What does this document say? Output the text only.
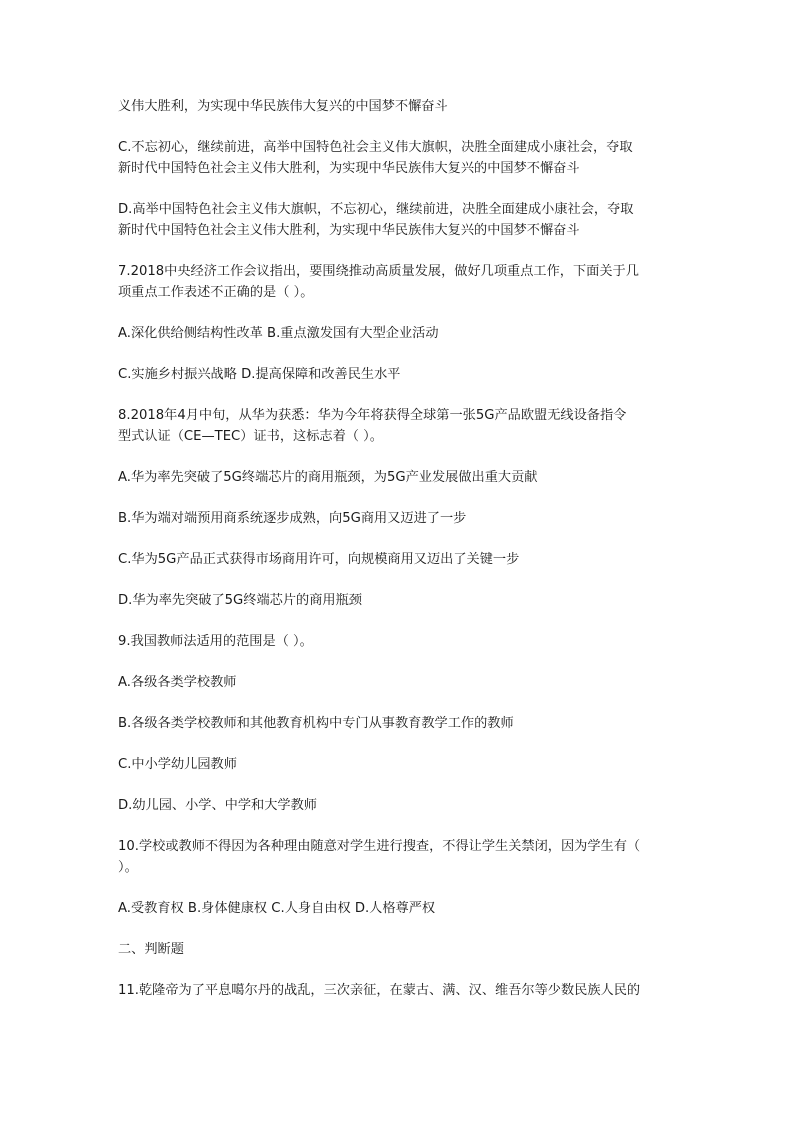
义伟大胜利，为实现中华民族伟大复兴的中国梦不懈奋斗

C.不忘初心，继续前进，高举中国特色社会主义伟大旗帜，决胜全面建成小康社会，夺取
新时代中国特色社会主义伟大胜利，为实现中华民族伟大复兴的中国梦不懈奋斗

D.高举中国特色社会主义伟大旗帜，不忘初心，继续前进，决胜全面建成小康社会，夺取
新时代中国特色社会主义伟大胜利，为实现中华民族伟大复兴的中国梦不懈奋斗

7.2018中央经济工作会议指出，要围绕推动高质量发展，做好几项重点工作，下面关于几
项重点工作表述不正确的是（ ）。

A.深化供给侧结构性改革 B.重点激发国有大型企业活动

C.实施乡村振兴战略 D.提高保障和改善民生水平

8.2018年4月中旬，从华为获悉：华为今年将获得全球第一张5G产品欧盟无线设备指令
型式认证（CE—TEC）证书，这标志着（ ）。

A.华为率先突破了5G终端芯片的商用瓶颈，为5G产业发展做出重大贡献

B.华为端对端预用商系统逐步成熟，向5G商用又迈进了一步

C.华为5G产品正式获得市场商用许可，向规模商用又迈出了关键一步

D.华为率先突破了5G终端芯片的商用瓶颈

9.我国教师法适用的范围是（ ）。

A.各级各类学校教师

B.各级各类学校教师和其他教育机构中专门从事教育教学工作的教师

C.中小学幼儿园教师

D.幼儿园、小学、中学和大学教师

10.学校或教师不得因为各种理由随意对学生进行搜查，不得让学生关禁闭，因为学生有（
）。

A.受教育权 B.身体健康权 C.人身自由权 D.人格尊严权

二、判断题

11.乾隆帝为了平息噶尔丹的战乱，三次亲征，在蒙古、满、汉、维吾尔等少数民族人民的
